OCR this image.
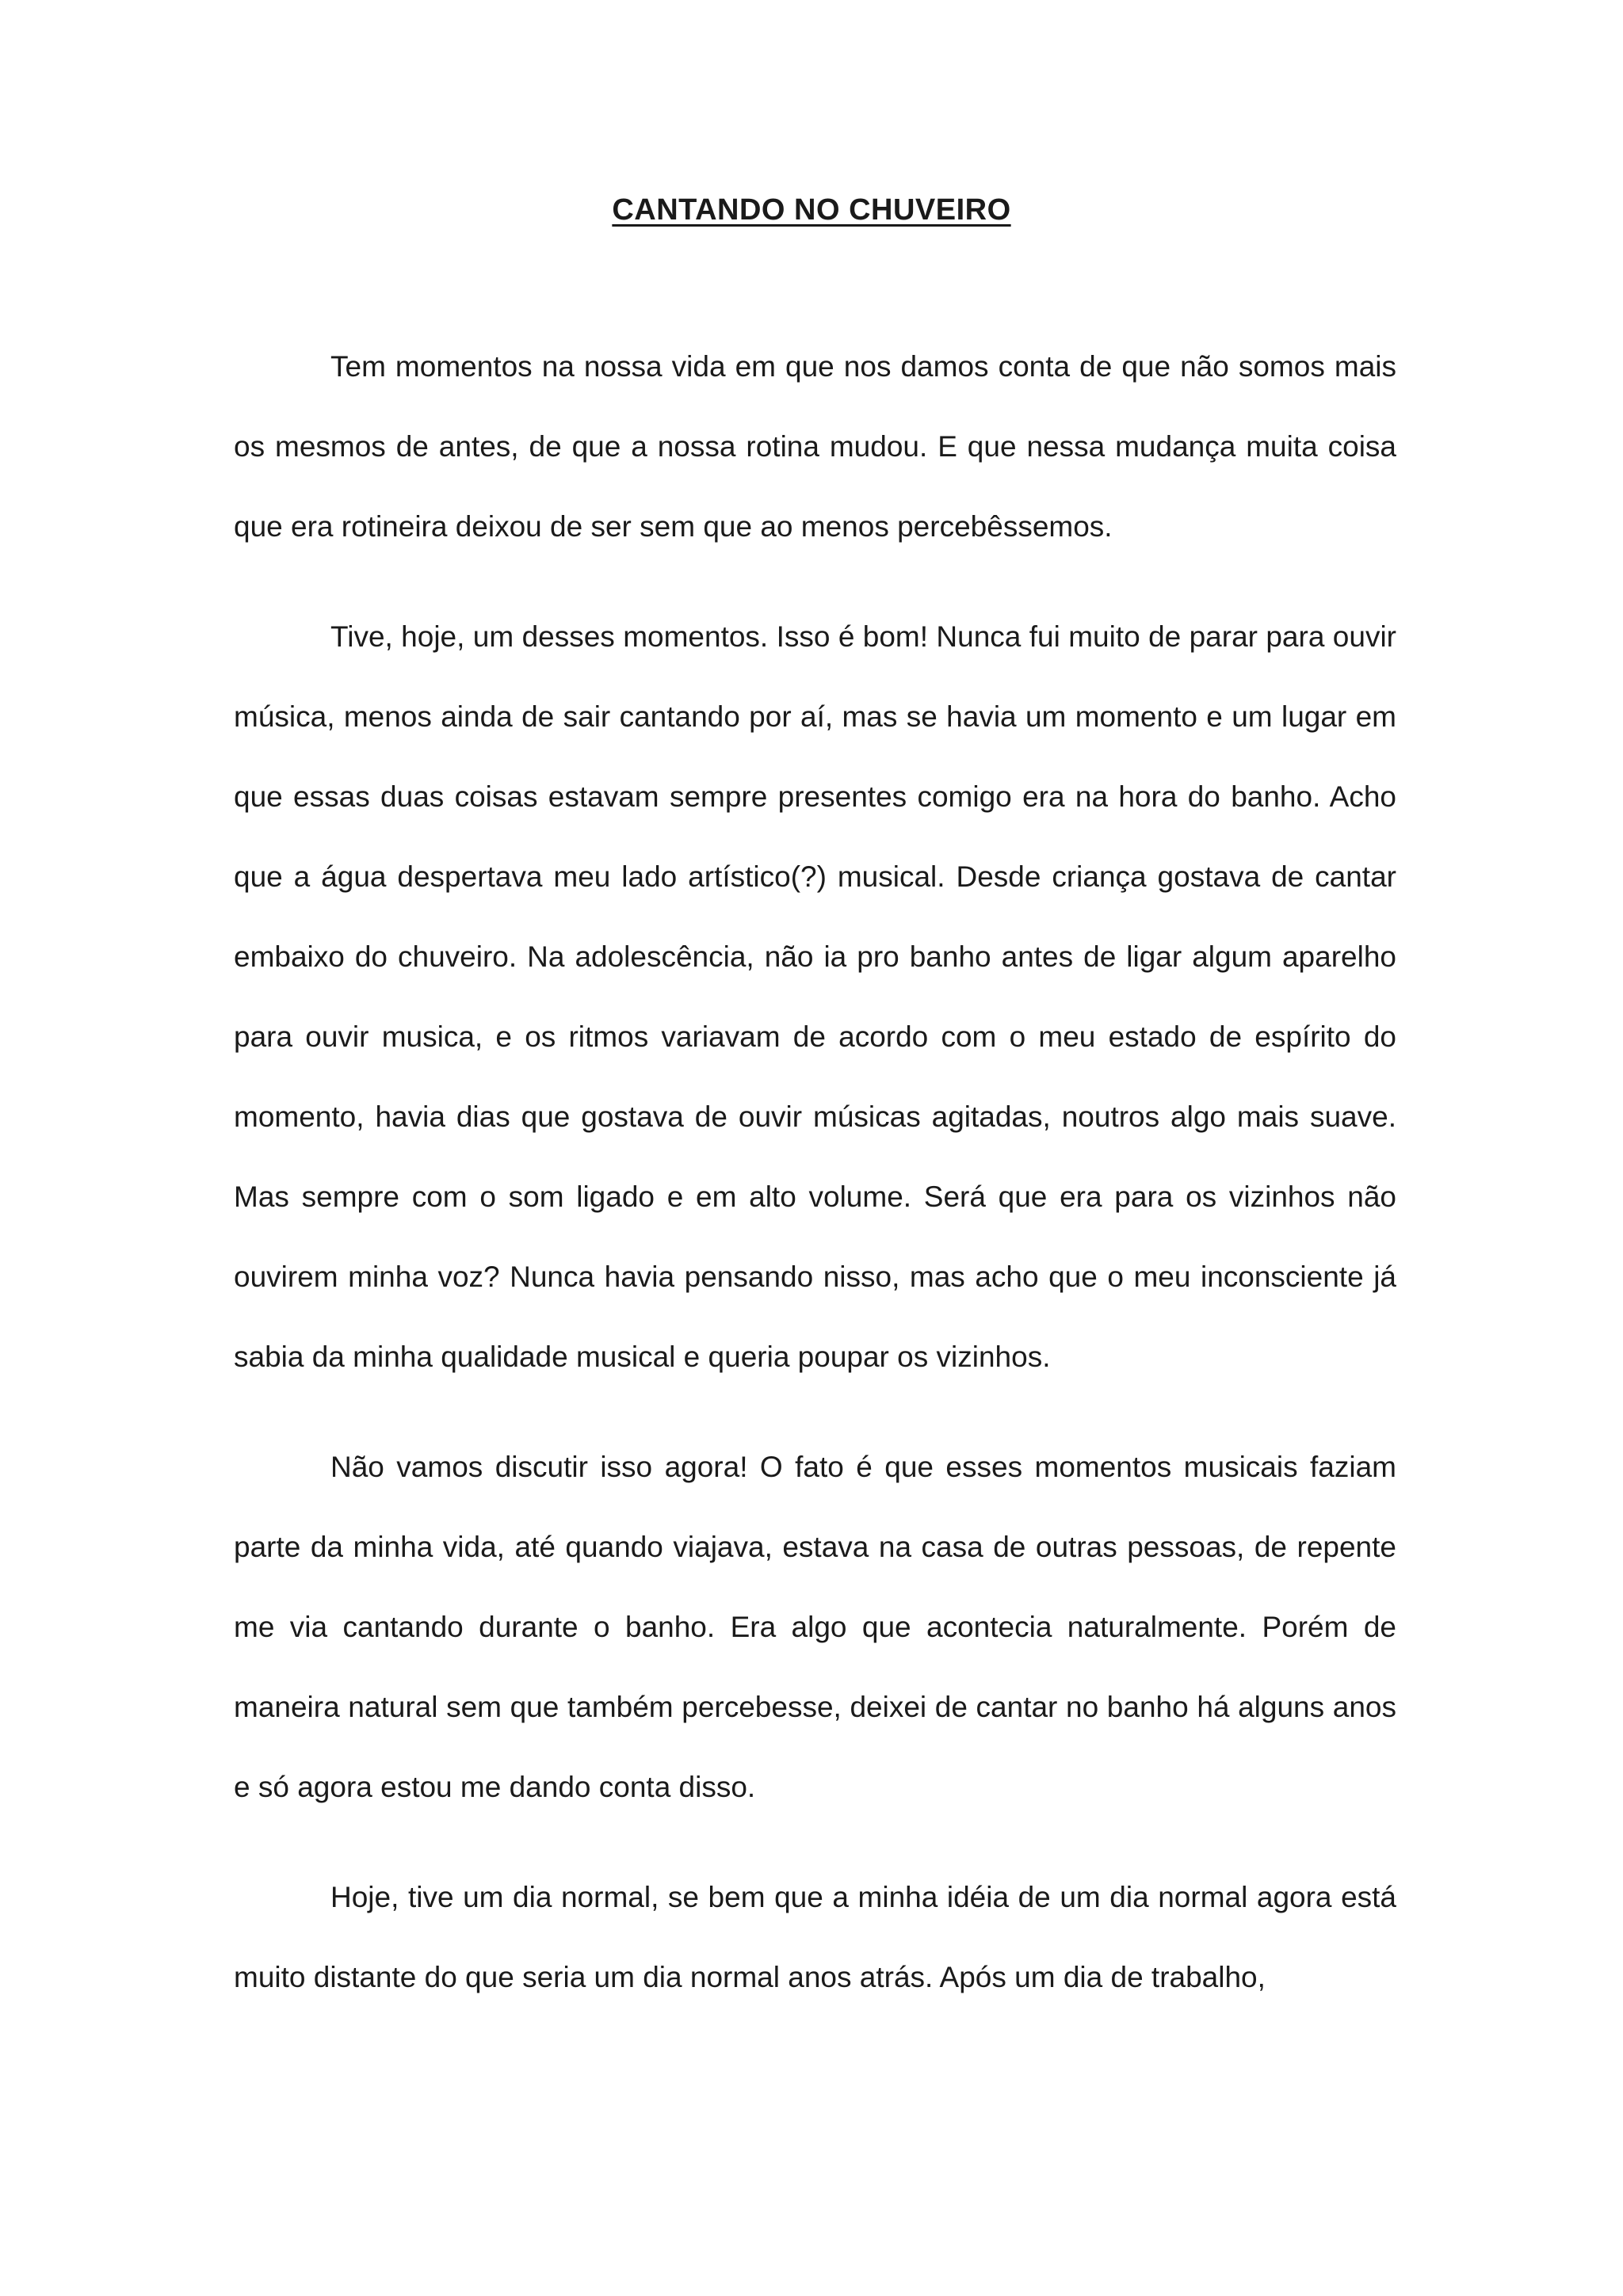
CANTANDO NO CHUVEIRO

Tem momentos na nossa vida em que nos damos conta de que não somos mais os mesmos de antes, de que a nossa rotina mudou. E que nessa mudança muita coisa que era rotineira deixou de ser sem que ao menos percebêssemos.

Tive, hoje, um desses momentos. Isso é bom! Nunca fui muito de parar para ouvir música, menos ainda de sair cantando por aí, mas se havia um momento e um lugar em que essas duas coisas estavam sempre presentes comigo era na hora do banho. Acho que a água despertava meu lado artístico(?) musical. Desde criança gostava de cantar embaixo do chuveiro. Na adolescência, não ia pro banho antes de ligar algum aparelho para ouvir musica, e os ritmos variavam de acordo com o meu estado de espírito do momento, havia dias que gostava de ouvir músicas agitadas, noutros algo mais suave. Mas sempre com o som ligado e em alto volume. Será que era para os vizinhos não ouvirem minha voz? Nunca havia pensando nisso, mas acho que o meu inconsciente já sabia da minha qualidade musical e queria poupar os vizinhos.

Não vamos discutir isso agora! O fato é que esses momentos musicais faziam parte da minha vida, até quando viajava, estava na casa de outras pessoas, de repente me via cantando durante o banho. Era algo que acontecia naturalmente. Porém de maneira natural sem que também percebesse, deixei de cantar no banho há alguns anos e só agora estou me dando conta disso.

Hoje, tive um dia normal, se bem que a minha idéia de um dia normal agora está muito distante do que seria um dia normal anos atrás. Após um dia de trabalho,
